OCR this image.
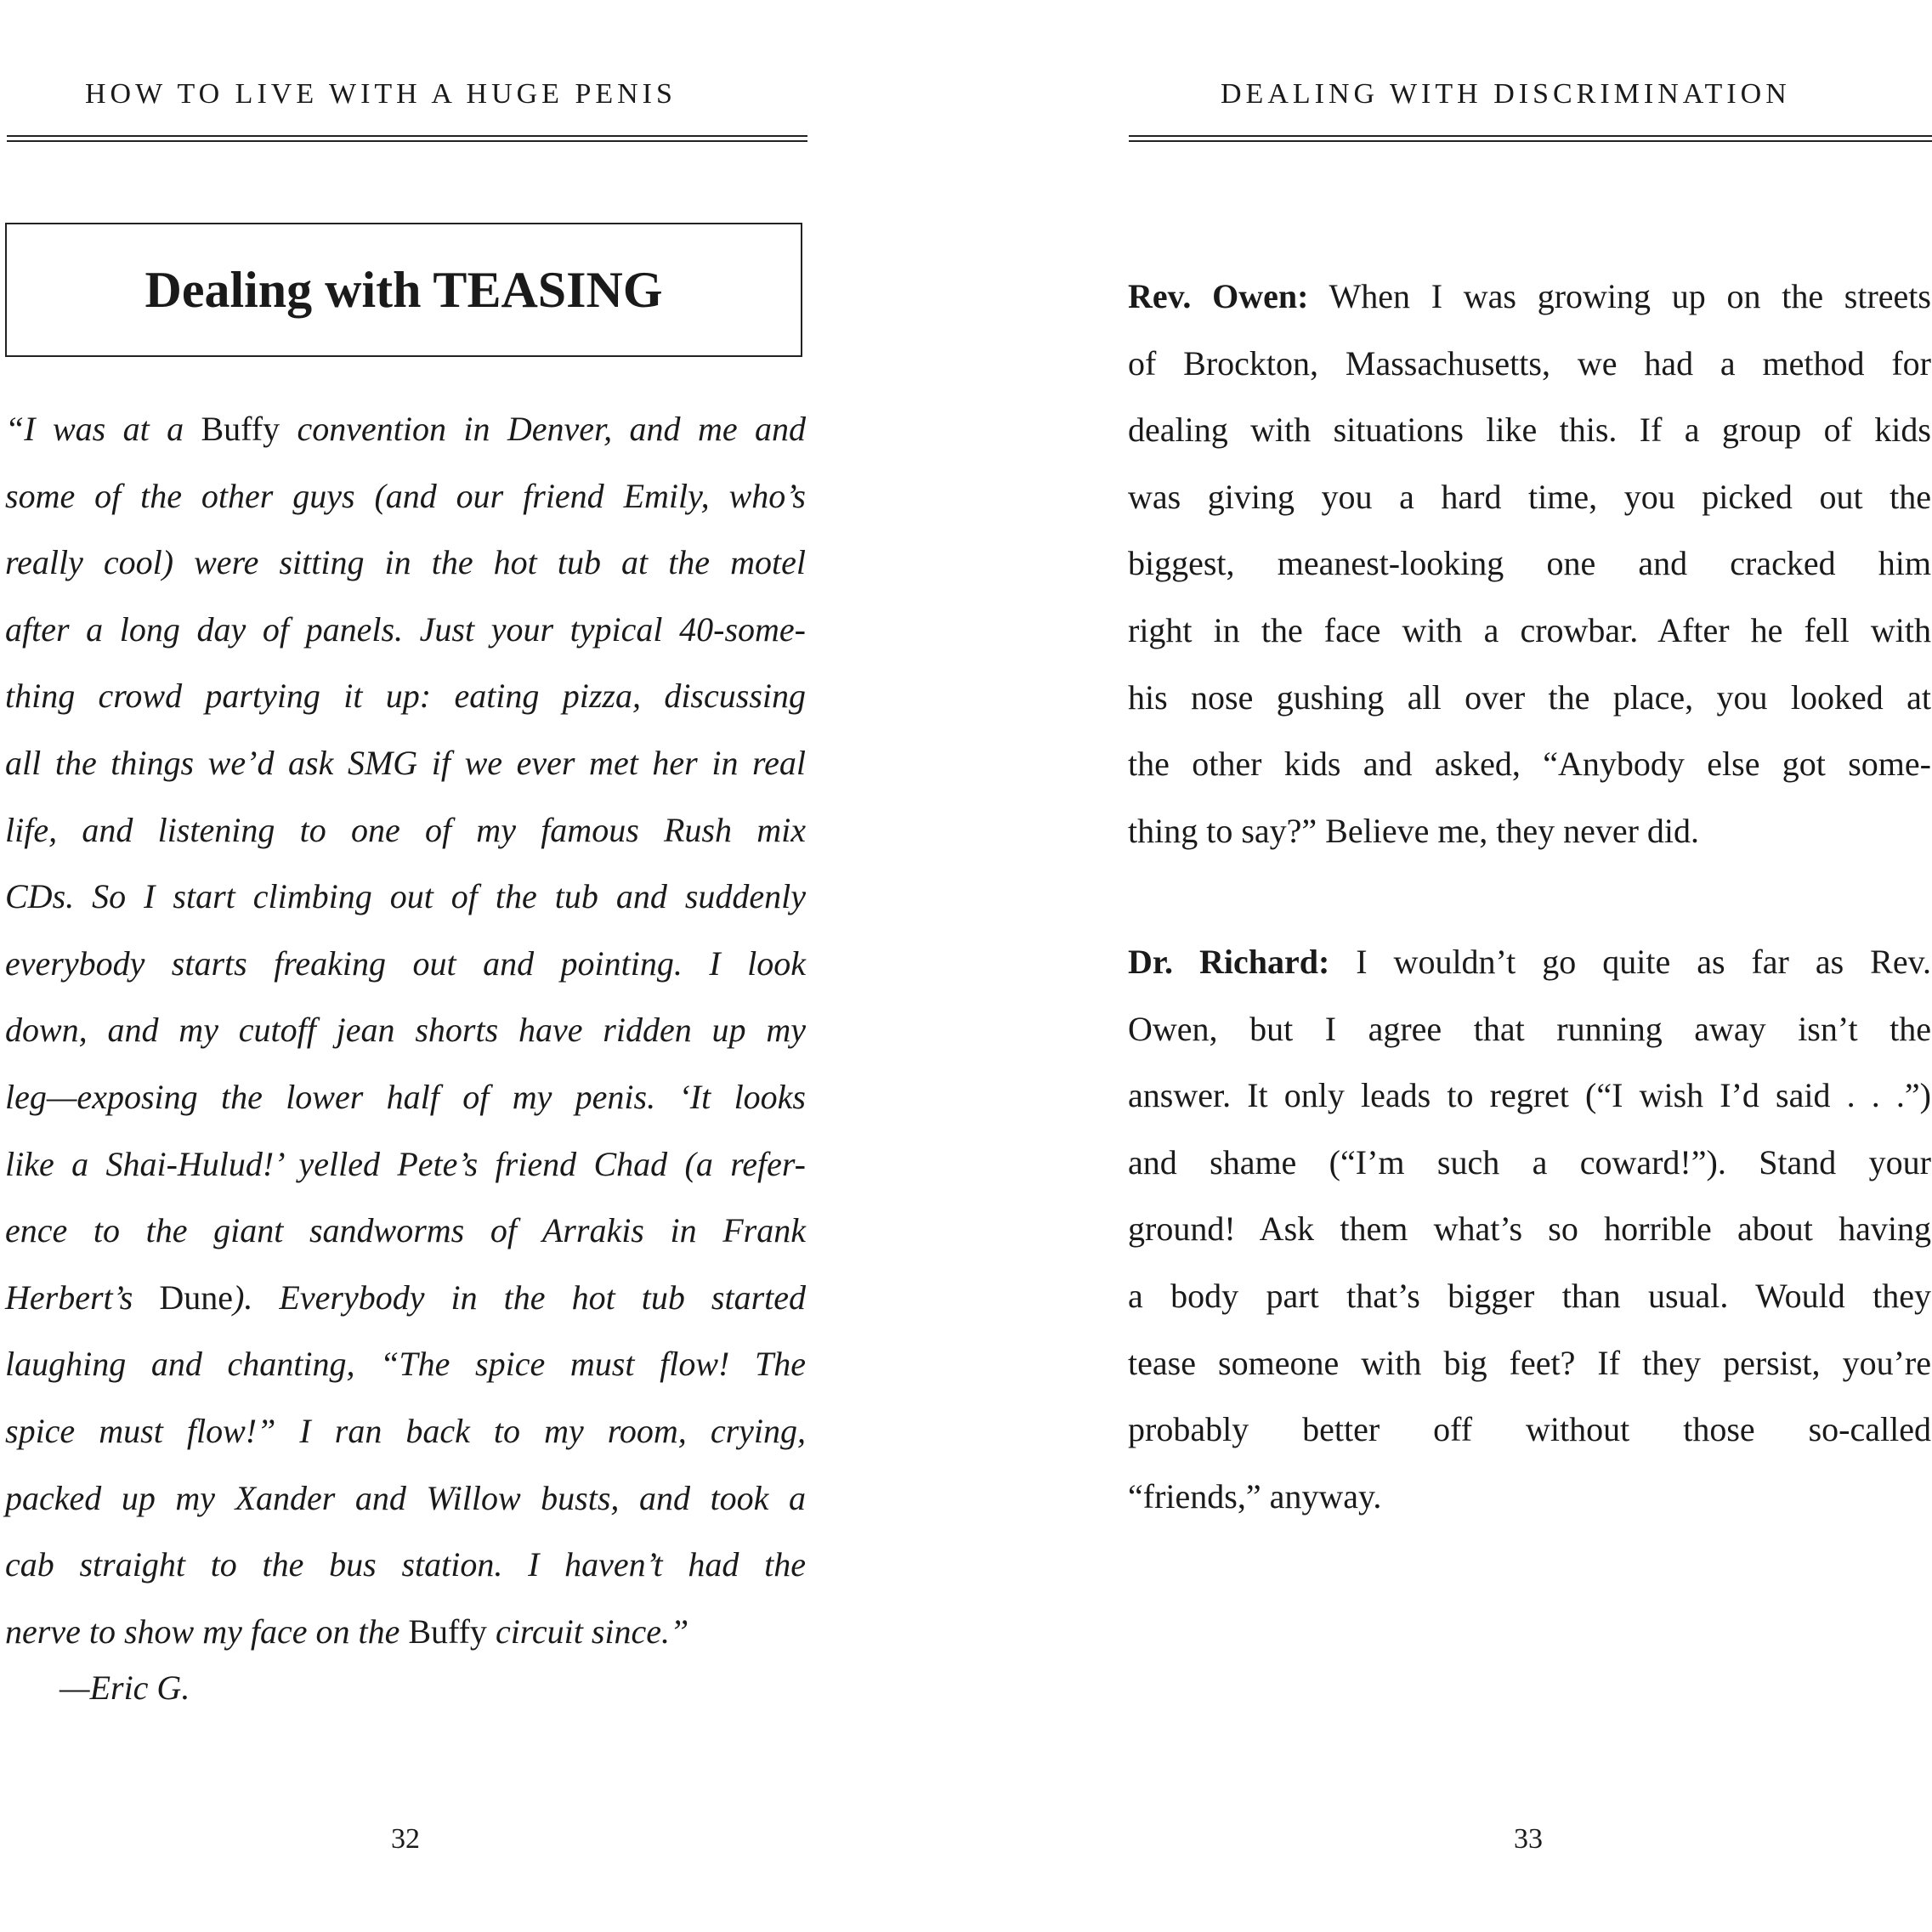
HOW TO LIVE WITH A HUGE PENIS
Dealing with TEASING
“I was at a Buffy convention in Denver, and me and
some of the other guys (and our friend Emily, who’s
really cool) were sitting in the hot tub at the motel
after a long day of panels. Just your typical 40-some-
thing crowd partying it up: eating pizza, discussing
all the things we’d ask SMG if we ever met her in real
life, and listening to one of my famous Rush mix
CDs. So I start climbing out of the tub and suddenly
everybody starts freaking out and pointing. I look
down, and my cutoff jean shorts have ridden up my
leg—exposing the lower half of my penis. ‘It looks
like a Shai-Hulud!’ yelled Pete’s friend Chad (a refer-
ence to the giant sandworms of Arrakis in Frank
Herbert’s Dune). Everybody in the hot tub started
laughing and chanting, “The spice must flow! The
spice must flow!” I ran back to my room, crying,
packed up my Xander and Willow busts, and took a
cab straight to the bus station. I haven’t had the
nerve to show my face on the Buffy circuit since.”
—Eric G.
32
DEALING WITH DISCRIMINATION
Rev. Owen: When I was growing up on the streets
of Brockton, Massachusetts, we had a method for
dealing with situations like this. If a group of kids
was giving you a hard time, you picked out the
biggest, meanest-looking one and cracked him
right in the face with a crowbar. After he fell with
his nose gushing all over the place, you looked at
the other kids and asked, “Anybody else got some-
thing to say?” Believe me, they never did.
Dr. Richard: I wouldn’t go quite as far as Rev.
Owen, but I agree that running away isn’t the
answer. It only leads to regret (“I wish I’d said . . .”)
and shame (“I’m such a coward!”). Stand your
ground! Ask them what’s so horrible about having
a body part that’s bigger than usual. Would they
tease someone with big feet? If they persist, you’re
probably better off without those so-called
“friends,” anyway.
33
